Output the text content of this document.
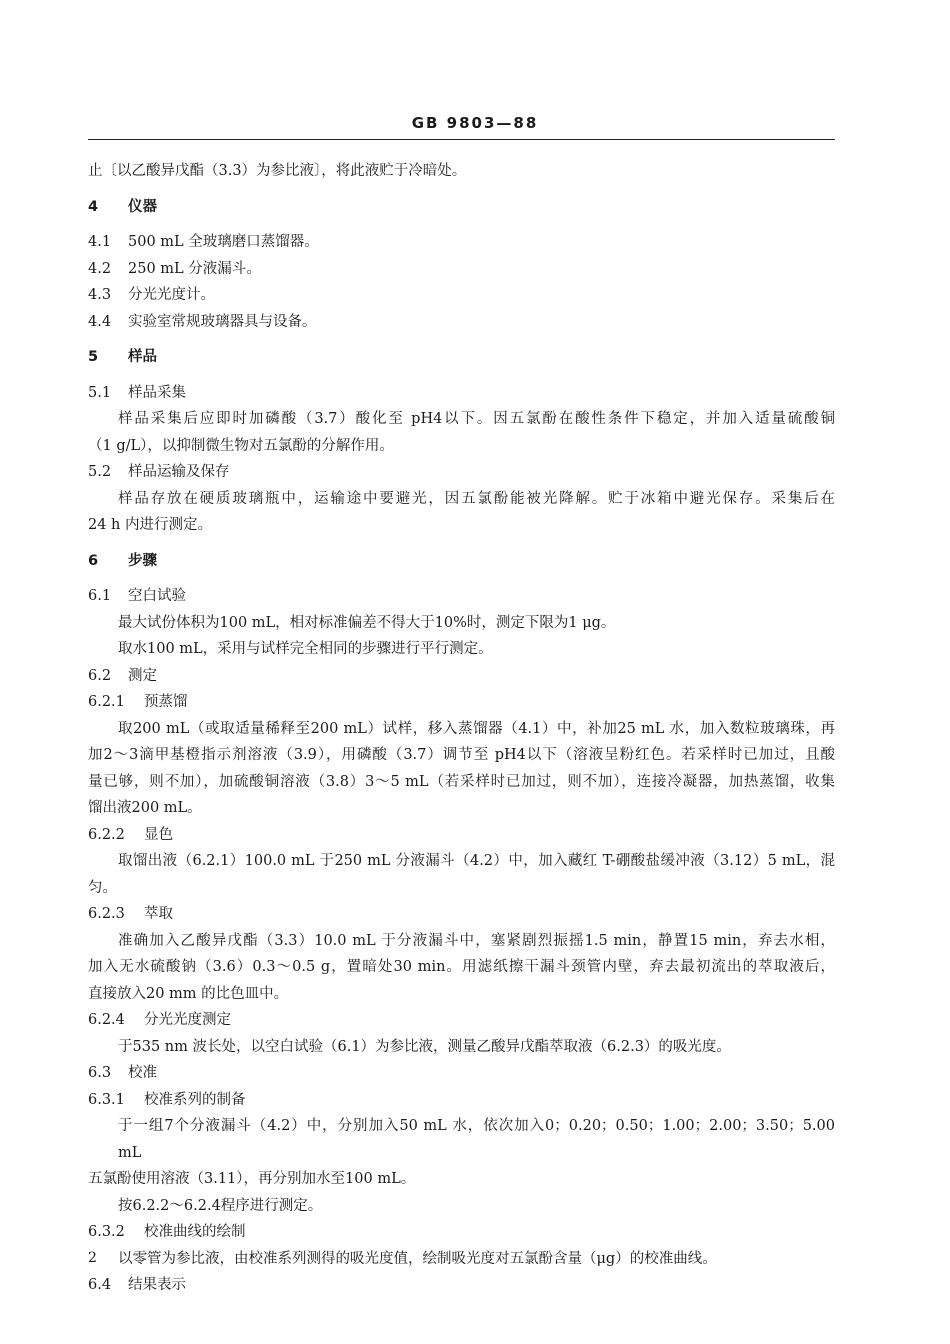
GB 9803—88
止〔以乙酸异戊酯（3.3）为参比液〕，将此液贮于冷暗处。
4 仪器
4.1 500 mL 全玻璃磨口蒸馏器。
4.2 250 mL 分液漏斗。
4.3 分光光度计。
4.4 实验室常规玻璃器具与设备。
5 样品
5.1 样品采集
样品采集后应即时加磷酸（3.7）酸化至 pH4以下。因五氯酚在酸性条件下稳定，并加入适量硫酸铜
（1 g/L），以抑制微生物对五氯酚的分解作用。
5.2 样品运输及保存
样品存放在硬质玻璃瓶中，运输途中要避光，因五氯酚能被光降解。贮于冰箱中避光保存。采集后在
24 h 内进行测定。
6 步骤
6.1 空白试验
最大试份体积为100 mL，相对标准偏差不得大于10%时，测定下限为1 μg。
取水100 mL，采用与试样完全相同的步骤进行平行测定。
6.2 测定
6.2.1 预蒸馏
取200 mL（或取适量稀释至200 mL）试样，移入蒸馏器（4.1）中，补加25 mL 水，加入数粒玻璃珠，再
加2～3滴甲基橙指示剂溶液（3.9），用磷酸（3.7）调节至 pH4以下（溶液呈粉红色。若采样时已加过，且酸
量已够，则不加），加硫酸铜溶液（3.8）3～5 mL（若采样时已加过，则不加），连接冷凝器，加热蒸馏，收集
馏出液200 mL。
6.2.2 显色
取馏出液（6.2.1）100.0 mL 于250 mL 分液漏斗（4.2）中，加入藏红 T-硼酸盐缓冲液（3.12）5 mL，混
匀。
6.2.3 萃取
准确加入乙酸异戊酯（3.3）10.0 mL 于分液漏斗中，塞紧剧烈振摇1.5 min，静置15 min，弃去水相，
加入无水硫酸钠（3.6）0.3～0.5 g，置暗处30 min。用滤纸擦干漏斗颈管内壁，弃去最初流出的萃取液后，
直接放入20 mm 的比色皿中。
6.2.4 分光光度测定
于535 nm 波长处，以空白试验（6.1）为参比液，测量乙酸异戊酯萃取液（6.2.3）的吸光度。
6.3 校准
6.3.1 校准系列的制备
于一组7个分液漏斗（4.2）中，分别加入50 mL 水，依次加入0；0.20；0.50；1.00；2.00；3.50；5.00 mL
五氯酚使用溶液（3.11），再分别加水至100 mL。
按6.2.2～6.2.4程序进行测定。
6.3.2 校准曲线的绘制
以零管为参比液，由校准系列测得的吸光度值，绘制吸光度对五氯酚含量（μg）的校准曲线。
6.4 结果表示
2
